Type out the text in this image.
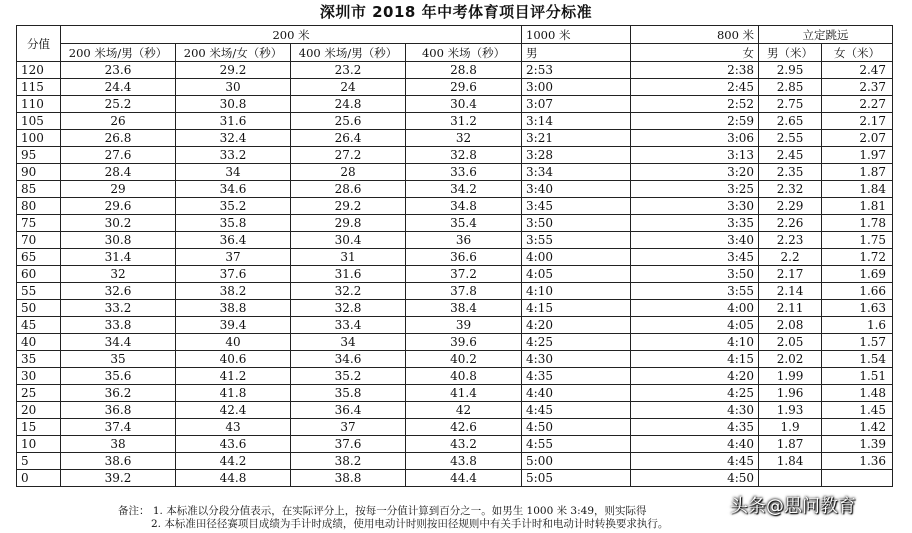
深圳市 2018 年中考体育项目评分标准
分值	200 米				1000 米	800 米	立定跳远	
	200 米场/男（秒）	200 米场/女（秒）	400 米场/男（秒）	400 米场（秒）	男	女	男（米）	女（米）
120	23.6	29.2	23.2	28.8	2:53	2:38	2.95	2.47
115	24.4	30	24	29.6	3:00	2:45	2.85	2.37
110	25.2	30.8	24.8	30.4	3:07	2:52	2.75	2.27
105	26	31.6	25.6	31.2	3:14	2:59	2.65	2.17
100	26.8	32.4	26.4	32	3:21	3:06	2.55	2.07
95	27.6	33.2	27.2	32.8	3:28	3:13	2.45	1.97
90	28.4	34	28	33.6	3:34	3:20	2.35	1.87
85	29	34.6	28.6	34.2	3:40	3:25	2.32	1.84
80	29.6	35.2	29.2	34.8	3:45	3:30	2.29	1.81
75	30.2	35.8	29.8	35.4	3:50	3:35	2.26	1.78
70	30.8	36.4	30.4	36	3:55	3:40	2.23	1.75
65	31.4	37	31	36.6	4:00	3:45	2.2	1.72
60	32	37.6	31.6	37.2	4:05	3:50	2.17	1.69
55	32.6	38.2	32.2	37.8	4:10	3:55	2.14	1.66
50	33.2	38.8	32.8	38.4	4:15	4:00	2.11	1.63
45	33.8	39.4	33.4	39	4:20	4:05	2.08	1.6
40	34.4	40	34	39.6	4:25	4:10	2.05	1.57
35	35	40.6	34.6	40.2	4:30	4:15	2.02	1.54
30	35.6	41.2	35.2	40.8	4:35	4:20	1.99	1.51
25	36.2	41.8	35.8	41.4	4:40	4:25	1.96	1.48
20	36.8	42.4	36.4	42	4:45	4:30	1.93	1.45
15	37.4	43	37	42.6	4:50	4:35	1.9	1.42
10	38	43.6	37.6	43.2	4:55	4:40	1.87	1.39
5	38.6	44.2	38.2	43.8	5:00	4:45	1.84	1.36
0	39.2	44.8	38.8	44.4	5:05	4:50		
备注： 1. 本标准以分段分值表示，在实际评分上，按每一分值计算到百分之一。如男生 1000 米 3:49，则实际得
2. 本标准田径径赛项目成绩为手计时成绩，使用电动计时则按田径规则中有关手计时和电动计时转换要求执行。
头条@思问教育
